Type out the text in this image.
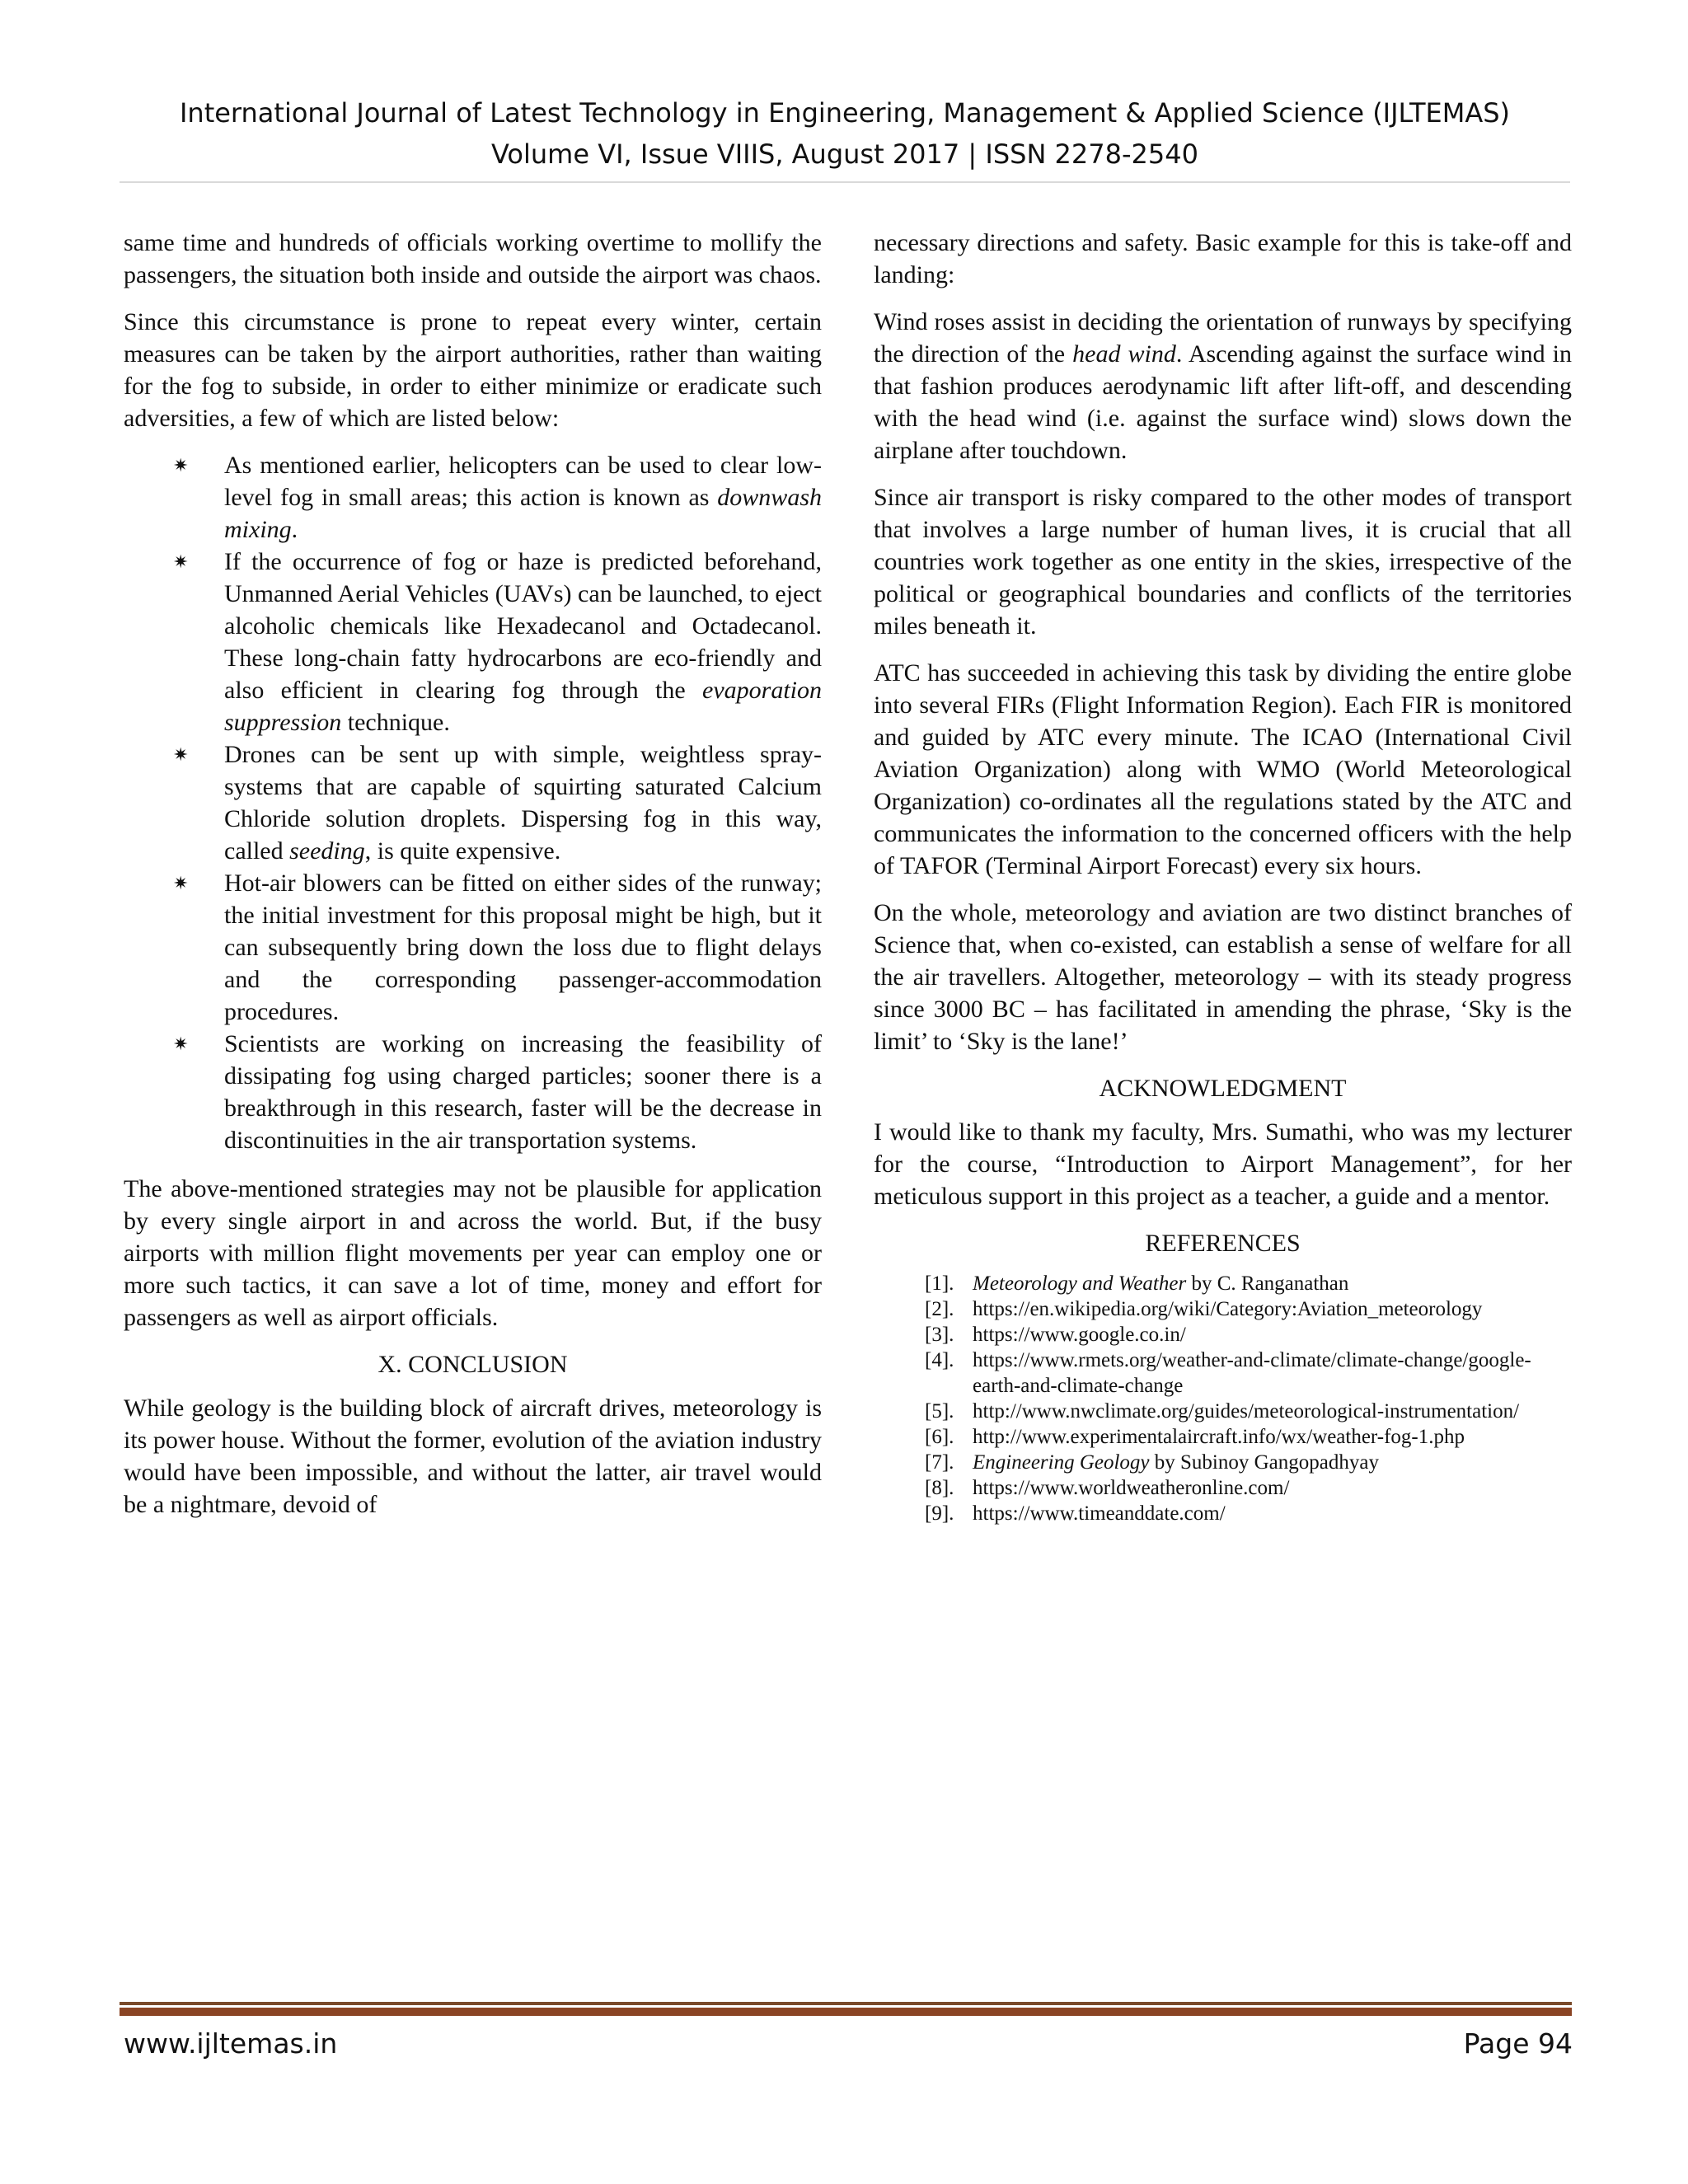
International Journal of Latest Technology in Engineering, Management & Applied Science (IJLTEMAS)
Volume VI, Issue VIIIS, August 2017 | ISSN 2278-2540

same time and hundreds of officials working overtime to mollify the passengers, the situation both inside and outside the airport was chaos.

Since this circumstance is prone to repeat every winter, certain measures can be taken by the airport authorities, rather than waiting for the fog to subside, in order to either minimize or eradicate such adversities, a few of which are listed below:

✷ As mentioned earlier, helicopters can be used to clear low-level fog in small areas; this action is known as downwash mixing.
✷ If the occurrence of fog or haze is predicted beforehand, Unmanned Aerial Vehicles (UAVs) can be launched, to eject alcoholic chemicals like Hexadecanol and Octadecanol. These long-chain fatty hydrocarbons are eco-friendly and also efficient in clearing fog through the evaporation suppression technique.
✷ Drones can be sent up with simple, weightless spray-systems that are capable of squirting saturated Calcium Chloride solution droplets. Dispersing fog in this way, called seeding, is quite expensive.
✷ Hot-air blowers can be fitted on either sides of the runway; the initial investment for this proposal might be high, but it can subsequently bring down the loss due to flight delays and the corresponding passenger-accommodation procedures.
✷ Scientists are working on increasing the feasibility of dissipating fog using charged particles; sooner there is a breakthrough in this research, faster will be the decrease in discontinuities in the air transportation systems.

The above-mentioned strategies may not be plausible for application by every single airport in and across the world. But, if the busy airports with million flight movements per year can employ one or more such tactics, it can save a lot of time, money and effort for passengers as well as airport officials.

X. CONCLUSION

While geology is the building block of aircraft drives, meteorology is its power house. Without the former, evolution of the aviation industry would have been impossible, and without the latter, air travel would be a nightmare, devoid of

necessary directions and safety. Basic example for this is take-off and landing:

Wind roses assist in deciding the orientation of runways by specifying the direction of the head wind. Ascending against the surface wind in that fashion produces aerodynamic lift after lift-off, and descending with the head wind (i.e. against the surface wind) slows down the airplane after touchdown.

Since air transport is risky compared to the other modes of transport that involves a large number of human lives, it is crucial that all countries work together as one entity in the skies, irrespective of the political or geographical boundaries and conflicts of the territories miles beneath it.

ATC has succeeded in achieving this task by dividing the entire globe into several FIRs (Flight Information Region). Each FIR is monitored and guided by ATC every minute. The ICAO (International Civil Aviation Organization) along with WMO (World Meteorological Organization) co-ordinates all the regulations stated by the ATC and communicates the information to the concerned officers with the help of TAFOR (Terminal Airport Forecast) every six hours.

On the whole, meteorology and aviation are two distinct branches of Science that, when co-existed, can establish a sense of welfare for all the air travellers. Altogether, meteorology – with its steady progress since 3000 BC – has facilitated in amending the phrase, ‘Sky is the limit’ to ‘Sky is the lane!’

ACKNOWLEDGMENT

I would like to thank my faculty, Mrs. Sumathi, who was my lecturer for the course, “Introduction to Airport Management”, for her meticulous support in this project as a teacher, a guide and a mentor.

REFERENCES
[1]. Meteorology and Weather by C. Ranganathan
[2]. https://en.wikipedia.org/wiki/Category:Aviation_meteorology
[3]. https://www.google.co.in/
[4]. https://www.rmets.org/weather-and-climate/climate-change/google-earth-and-climate-change
[5]. http://www.nwclimate.org/guides/meteorological-instrumentation/
[6]. http://www.experimentalaircraft.info/wx/weather-fog-1.php
[7]. Engineering Geology by Subinoy Gangopadhyay
[8]. https://www.worldweatheronline.com/
[9]. https://www.timeanddate.com/
www.ijltemas.in	Page 94
